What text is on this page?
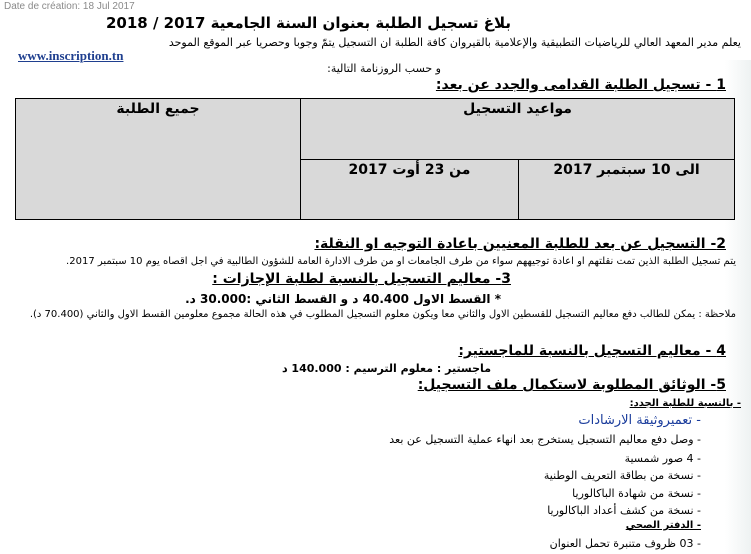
Date de création: 18 Jul 2017
بلاغ تسجيل الطلبة بعنوان السنة الجامعية 2017 / 2018
يعلم مدير المعهد العالي للرياضيات التطبيقية والإعلامية بالقيروان كافة الطلبة ان التسجيل يتمّ وجوبا وحصريا عبر الموقع الموحد
www.inscription.tn
و حسب الروزنامة التالية:
1 - تسجيل الطلبة القدامى والجدد عن بعد:
جميع الطلبة	مواعيد التسجيل	
	من 23 أوت 2017	الى 10 سبتمبر 2017
2- التسجيل عن بعد للطلبة المعنيين باعادة التوجيه او النقلة:
يتم تسجيل الطلبة الذين تمت نقلتهم او اعادة توجيههم سواء من طرف الجامعات او من طرف الادارة العامة للشؤون الطالبية في اجل اقصاه يوم 10 سبتمبر 2017.
3- معاليم التسجيل بالنسبة لطلبة الإجازات :
* القسط الاول 40.400 د و القسط الثاني :30.000 د.
ملاحظة : يمكن للطالب دفع معاليم التسجيل للقسطين الاول والثاني معا ويكون معلوم التسجيل المطلوب في هذه الحالة مجموع معلومين القسط الاول والثاني (70.400 د).
4 - معاليم التسجيل بالنسبة للماجستير:
ماجستير : معلوم الترسيم : 140.000 د
5- الوثائق المطلوبة لاستكمال ملف التسجيل:
- بالنسبة للطلبة الجدد:
- تعميروثيقة الارشادات
- وصل دفع معاليم التسجيل يستخرج بعد انهاء عملية التسجيل عن بعد
- 4 صور شمسية
- نسخة من بطاقة التعريف الوطنية
- نسخة من شهادة الباكالوريا
- نسخة من كشف أعداد الباكالوريا
- الدفتر الصحي
- 03 ظروف متنبرة تحمل العنوان
